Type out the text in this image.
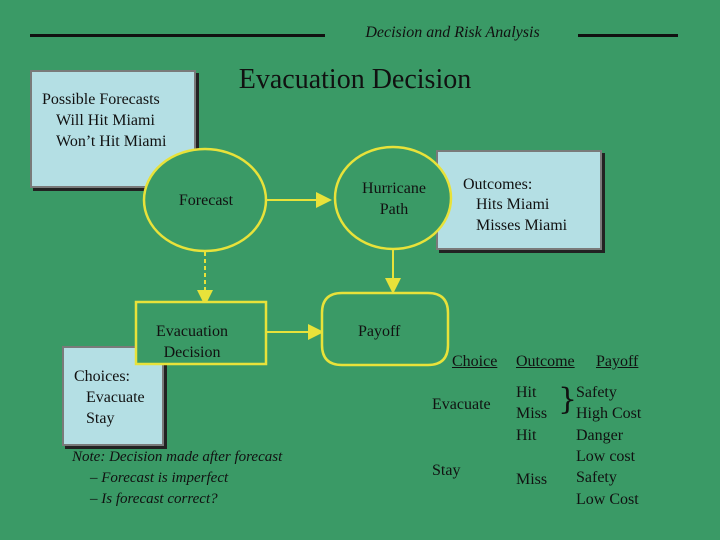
Decision and Risk Analysis
Evacuation Decision
Possible Forecasts
Will Hit Miami
Won’t Hit Miami
Outcomes:
Hits Miami
Misses Miami
Choices:
Evacuate
Stay
Forecast
Hurricane
Path
Evacuation
Decision
Payoff
Note: Decision made after forecast
– Forecast is imperfect
– Is forecast correct?
Choice Outcome Payoff
Evacuate
Hit
Miss
Hit
}
Safety
High Cost
Danger
Stay
Miss
Low cost
Safety
Low Cost
